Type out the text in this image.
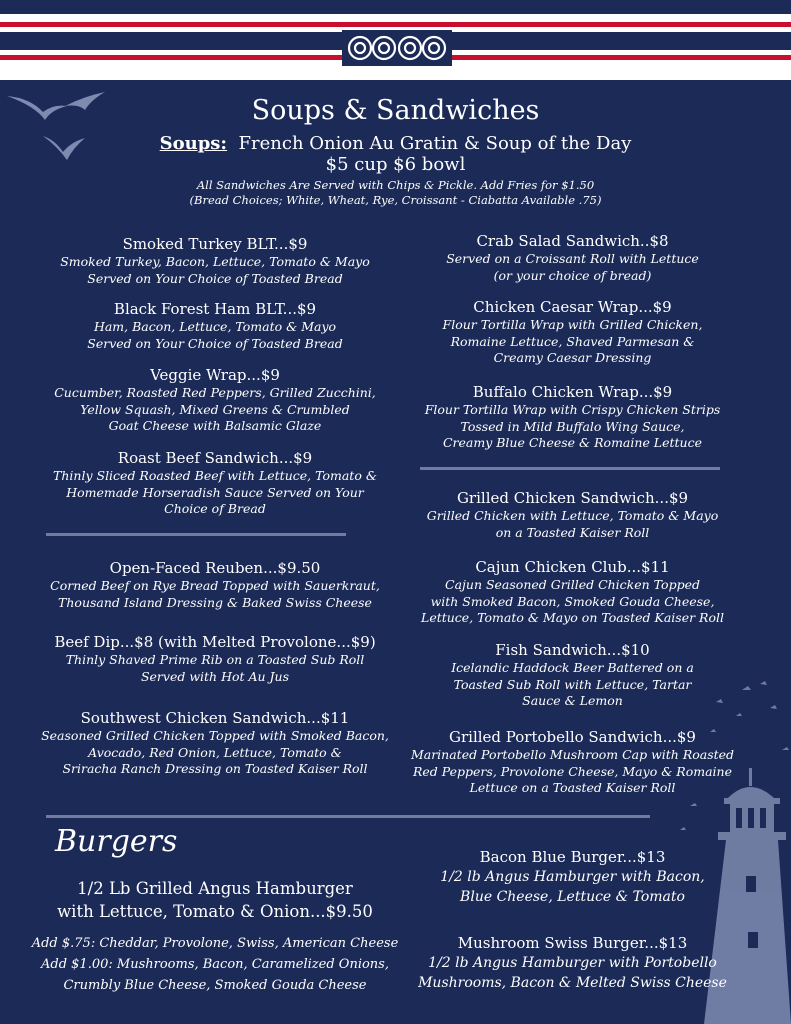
Soups & Sandwiches
Soups: French Onion Au Gratin & Soup of the Day
$5 cup $6 bowl
All Sandwiches Are Served with Chips & Pickle. Add Fries for $1.50
(Bread Choices; White, Wheat, Rye, Croissant - Ciabatta Available .75)
Smoked Turkey BLT...$9
Smoked Turkey, Bacon, Lettuce, Tomato & Mayo
Served on Your Choice of Toasted Bread
Black Forest Ham BLT...$9
Ham, Bacon, Lettuce, Tomato & Mayo
Served on Your Choice of Toasted Bread
Veggie Wrap...$9
Cucumber, Roasted Red Peppers, Grilled Zucchini,
Yellow Squash, Mixed Greens & Crumbled
Goat Cheese with Balsamic Glaze
Roast Beef Sandwich...$9
Thinly Sliced Roasted Beef with Lettuce, Tomato &
Homemade Horseradish Sauce Served on Your
Choice of Bread
Open-Faced Reuben...$9.50
Corned Beef on Rye Bread Topped with Sauerkraut,
Thousand Island Dressing & Baked Swiss Cheese
Beef Dip...$8 (with Melted Provolone...$9)
Thinly Shaved Prime Rib on a Toasted Sub Roll
Served with Hot Au Jus
Southwest Chicken Sandwich...$11
Seasoned Grilled Chicken Topped with Smoked Bacon,
Avocado, Red Onion, Lettuce, Tomato &
Sriracha Ranch Dressing on Toasted Kaiser Roll
Crab Salad Sandwich..$8
Served on a Croissant Roll with Lettuce
(or your choice of bread)
Chicken Caesar Wrap...$9
Flour Tortilla Wrap with Grilled Chicken,
Romaine Lettuce, Shaved Parmesan &
Creamy Caesar Dressing
Buffalo Chicken Wrap...$9
Flour Tortilla Wrap with Crispy Chicken Strips
Tossed in Mild Buffalo Wing Sauce,
Creamy Blue Cheese & Romaine Lettuce
Grilled Chicken Sandwich...$9
Grilled Chicken with Lettuce, Tomato & Mayo
on a Toasted Kaiser Roll
Cajun Chicken Club...$11
Cajun Seasoned Grilled Chicken Topped
with Smoked Bacon, Smoked Gouda Cheese,
Lettuce, Tomato & Mayo on Toasted Kaiser Roll
Fish Sandwich...$10
Icelandic Haddock Beer Battered on a
Toasted Sub Roll with Lettuce, Tartar
Sauce & Lemon
Grilled Portobello Sandwich...$9
Marinated Portobello Mushroom Cap with Roasted
Red Peppers, Provolone Cheese, Mayo & Romaine
Lettuce on a Toasted Kaiser Roll
Burgers
1/2 Lb Grilled Angus Hamburger
with Lettuce, Tomato & Onion...$9.50
Add $.75: Cheddar, Provolone, Swiss, American Cheese
Add $1.00: Mushrooms, Bacon, Caramelized Onions,
Crumbly Blue Cheese, Smoked Gouda Cheese
Bacon Blue Burger...$13
1/2 lb Angus Hamburger with Bacon,
Blue Cheese, Lettuce & Tomato
Mushroom Swiss Burger...$13
1/2 lb Angus Hamburger with Portobello
Mushrooms, Bacon & Melted Swiss Cheese
